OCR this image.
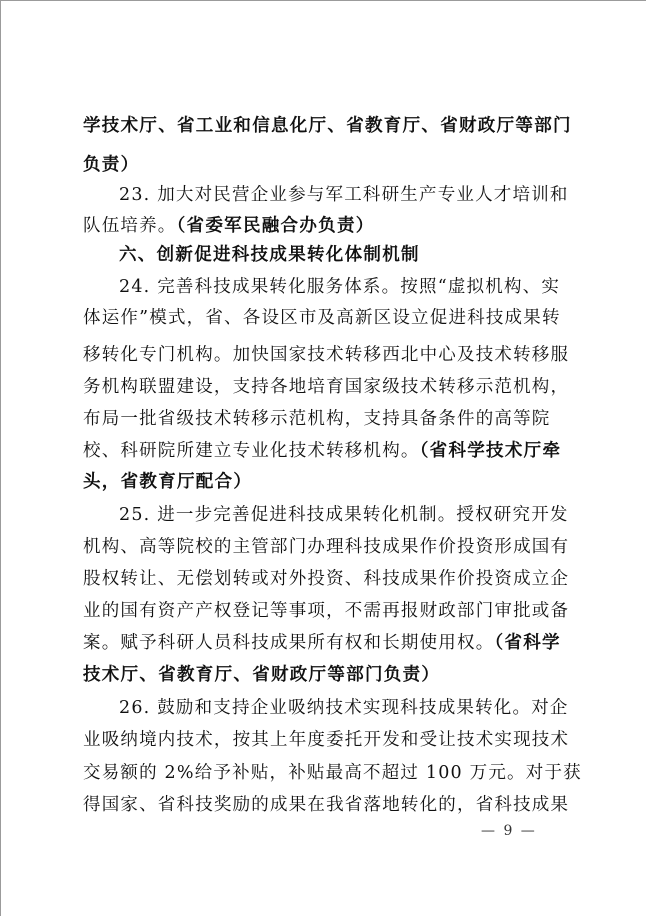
学技术厅、省工业和信息化厅、省教育厅、省财政厅等部门
负责）
23. 加大对民营企业参与军工科研生产专业人才培训和
队伍培养。（省委军民融合办负责）
六、创新促进科技成果转化体制机制
24. 完善科技成果转化服务体系。按照“虚拟机构、实
体运作”模式，省、各设区市及高新区设立促进科技成果转
移转化专门机构。加快国家技术转移西北中心及技术转移服
务机构联盟建设，支持各地培育国家级技术转移示范机构，
布局一批省级技术转移示范机构，支持具备条件的高等院
校、科研院所建立专业化技术转移机构。（省科学技术厅牵
头，省教育厅配合）
25. 进一步完善促进科技成果转化机制。授权研究开发
机构、高等院校的主管部门办理科技成果作价投资形成国有
股权转让、无偿划转或对外投资、科技成果作价投资成立企
业的国有资产产权登记等事项，不需再报财政部门审批或备
案。赋予科研人员科技成果所有权和长期使用权。（省科学
技术厅、省教育厅、省财政厅等部门负责）
26. 鼓励和支持企业吸纳技术实现科技成果转化。对企
业吸纳境内技术，按其上年度委托开发和受让技术实现技术
交易额的 2%给予补贴，补贴最高不超过 100 万元。对于获
得国家、省科技奖励的成果在我省落地转化的，省科技成果
— 9 —
